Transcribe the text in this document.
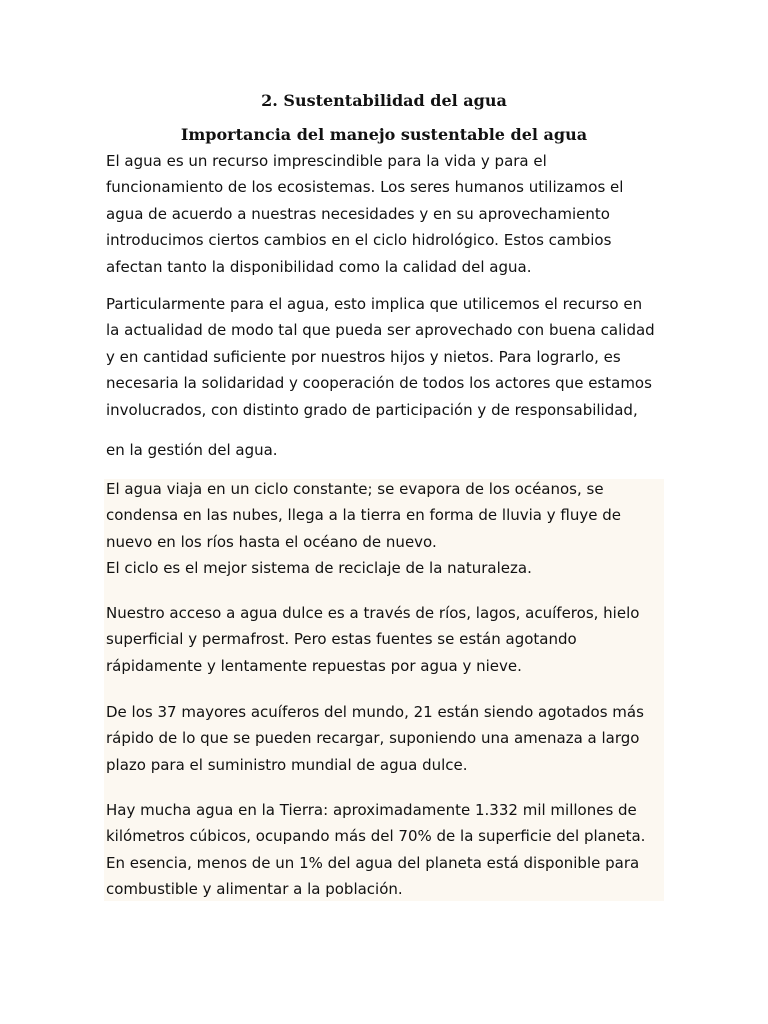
2. Sustentabilidad del agua
Importancia del manejo sustentable del agua

El agua es un recurso imprescindible para la vida y para el
funcionamiento de los ecosistemas. Los seres humanos utilizamos el
agua de acuerdo a nuestras necesidades y en su aprovechamiento
introducimos ciertos cambios en el ciclo hidrológico. Estos cambios
afectan tanto la disponibilidad como la calidad del agua.

Particularmente para el agua, esto implica que utilicemos el recurso en
la actualidad de modo tal que pueda ser aprovechado con buena calidad
y en cantidad suficiente por nuestros hijos y nietos. Para lograrlo, es
necesaria la solidaridad y cooperación de todos los actores que estamos
involucrados, con distinto grado de participación y de responsabilidad,

en la gestión del agua.

El agua viaja en un ciclo constante; se evapora de los océanos, se
condensa en las nubes, llega a la tierra en forma de lluvia y fluye de
nuevo en los ríos hasta el océano de nuevo.
El ciclo es el mejor sistema de reciclaje de la naturaleza.

Nuestro acceso a agua dulce es a través de ríos, lagos, acuíferos, hielo
superficial y permafrost. Pero estas fuentes se están agotando
rápidamente y lentamente repuestas por agua y nieve.

De los 37 mayores acuíferos del mundo, 21 están siendo agotados más
rápido de lo que se pueden recargar, suponiendo una amenaza a largo
plazo para el suministro mundial de agua dulce.

Hay mucha agua en la Tierra: aproximadamente 1.332 mil millones de
kilómetros cúbicos, ocupando más del 70% de la superficie del planeta.
En esencia, menos de un 1% del agua del planeta está disponible para
combustible y alimentar a la población.
